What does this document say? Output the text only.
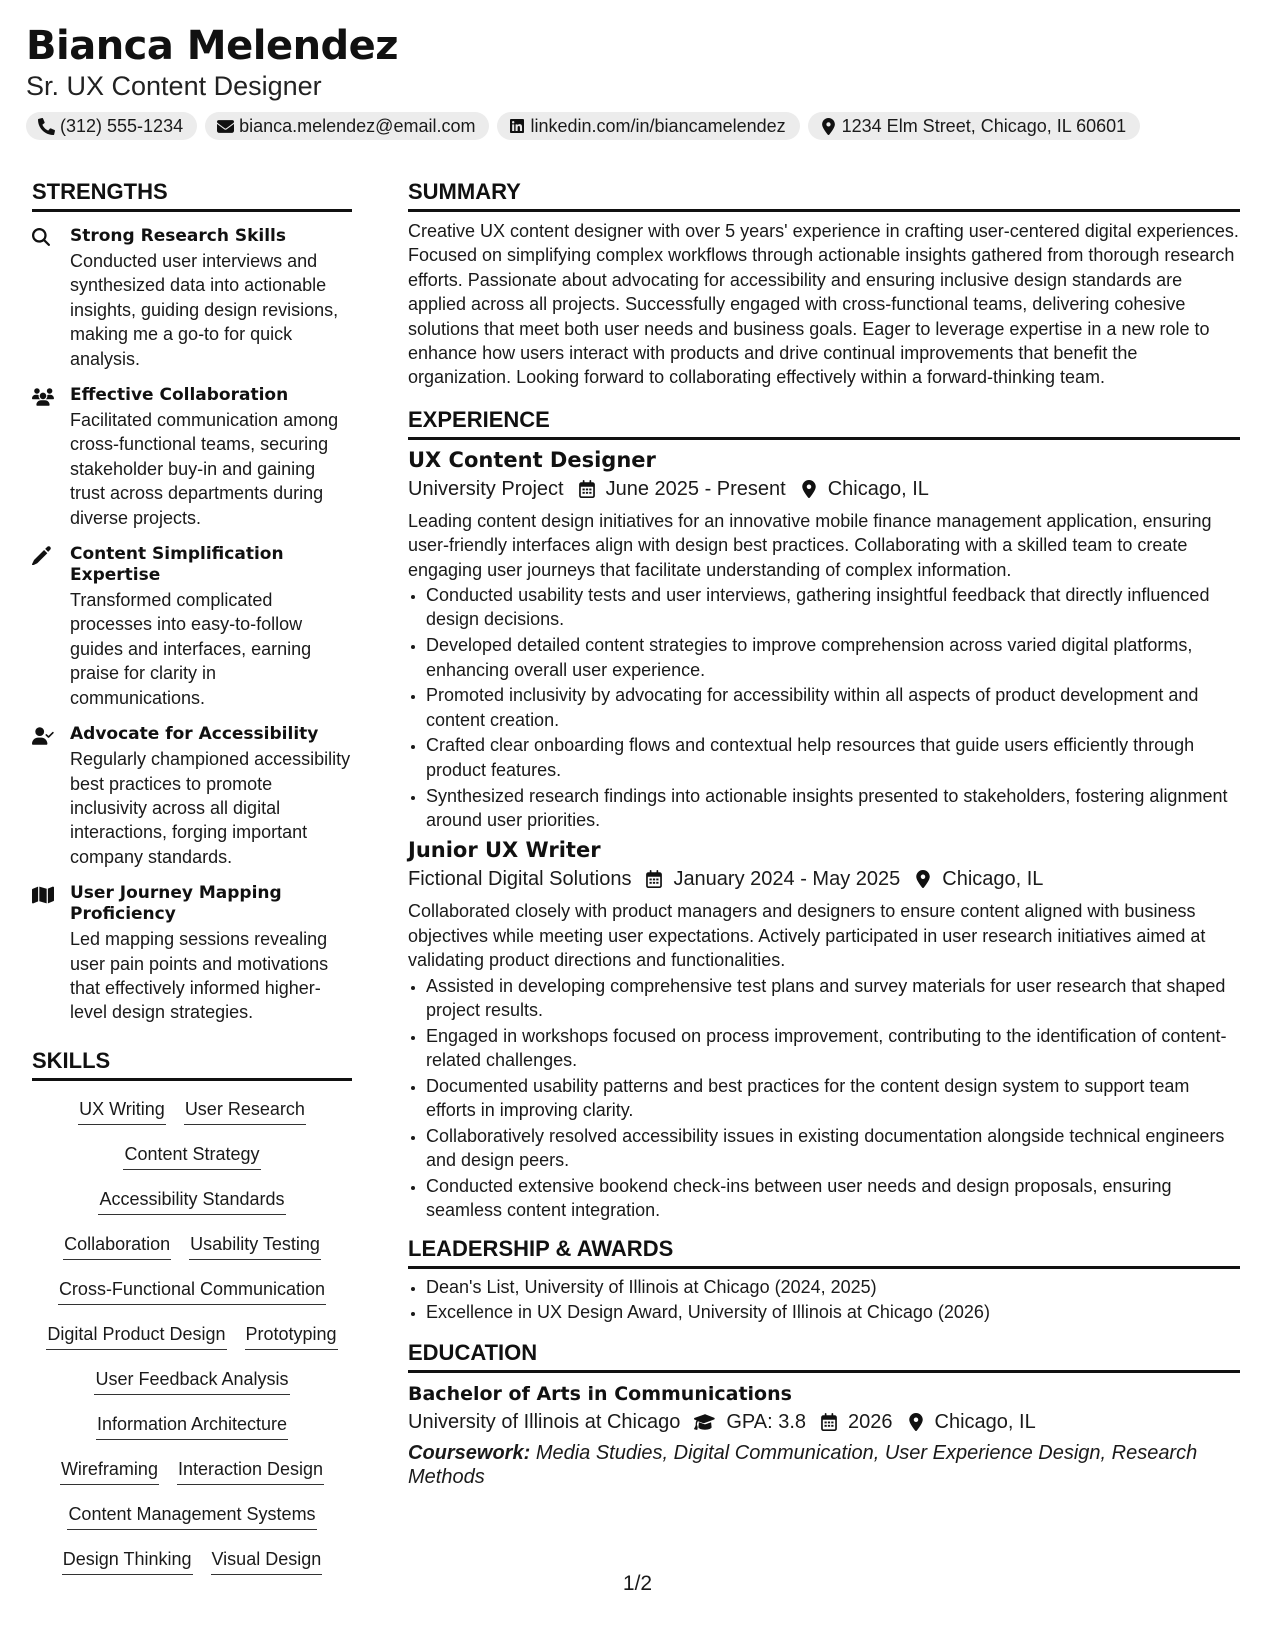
Bianca Melendez
Sr. UX Content Designer
(312) 555-1234	bianca.melendez@email.com	linkedin.com/in/biancamelendez	1234 Elm Street, Chicago, IL 60601
STRENGTHS
Strong Research Skills
Conducted user interviews and synthesized data into actionable insights, guiding design revisions, making me a go-to for quick analysis.
Effective Collaboration
Facilitated communication among cross-functional teams, securing stakeholder buy-in and gaining trust across departments during diverse projects.
Content Simplification Expertise
Transformed complicated processes into easy-to-follow guides and interfaces, earning praise for clarity in communications.
Advocate for Accessibility
Regularly championed accessibility best practices to promote inclusivity across all digital interactions, forging important company standards.
User Journey Mapping Proficiency
Led mapping sessions revealing user pain points and motivations that effectively informed higher-level design strategies.
SKILLS
UX Writing User Research
Content Strategy
Accessibility Standards
Collaboration Usability Testing
Cross-Functional Communication
Digital Product Design Prototyping
User Feedback Analysis
Information Architecture
Wireframing Interaction Design
Content Management Systems
Design Thinking Visual Design
SUMMARY
Creative UX content designer with over 5 years' experience in crafting user-centered digital experiences. Focused on simplifying complex workflows through actionable insights gathered from thorough research efforts. Passionate about advocating for accessibility and ensuring inclusive design standards are applied across all projects. Successfully engaged with cross-functional teams, delivering cohesive solutions that meet both user needs and business goals. Eager to leverage expertise in a new role to enhance how users interact with products and drive continual improvements that benefit the organization. Looking forward to collaborating effectively within a forward-thinking team.
EXPERIENCE
UX Content Designer
University Project June 2025 - Present Chicago, IL
Leading content design initiatives for an innovative mobile finance management application, ensuring user-friendly interfaces align with design best practices. Collaborating with a skilled team to create engaging user journeys that facilitate understanding of complex information.
• Conducted usability tests and user interviews, gathering insightful feedback that directly influenced design decisions.
• Developed detailed content strategies to improve comprehension across varied digital platforms, enhancing overall user experience.
• Promoted inclusivity by advocating for accessibility within all aspects of product development and content creation.
• Crafted clear onboarding flows and contextual help resources that guide users efficiently through product features.
• Synthesized research findings into actionable insights presented to stakeholders, fostering alignment around user priorities.
Junior UX Writer
Fictional Digital Solutions January 2024 - May 2025 Chicago, IL
Collaborated closely with product managers and designers to ensure content aligned with business objectives while meeting user expectations. Actively participated in user research initiatives aimed at validating product directions and functionalities.
• Assisted in developing comprehensive test plans and survey materials for user research that shaped project results.
• Engaged in workshops focused on process improvement, contributing to the identification of content-related challenges.
• Documented usability patterns and best practices for the content design system to support team efforts in improving clarity.
• Collaboratively resolved accessibility issues in existing documentation alongside technical engineers and design peers.
• Conducted extensive bookend check-ins between user needs and design proposals, ensuring seamless content integration.
LEADERSHIP & AWARDS
• Dean's List, University of Illinois at Chicago (2024, 2025)
• Excellence in UX Design Award, University of Illinois at Chicago (2026)
EDUCATION
Bachelor of Arts in Communications
University of Illinois at Chicago GPA: 3.8 2026 Chicago, IL
Coursework: Media Studies, Digital Communication, User Experience Design, Research Methods
1/2
